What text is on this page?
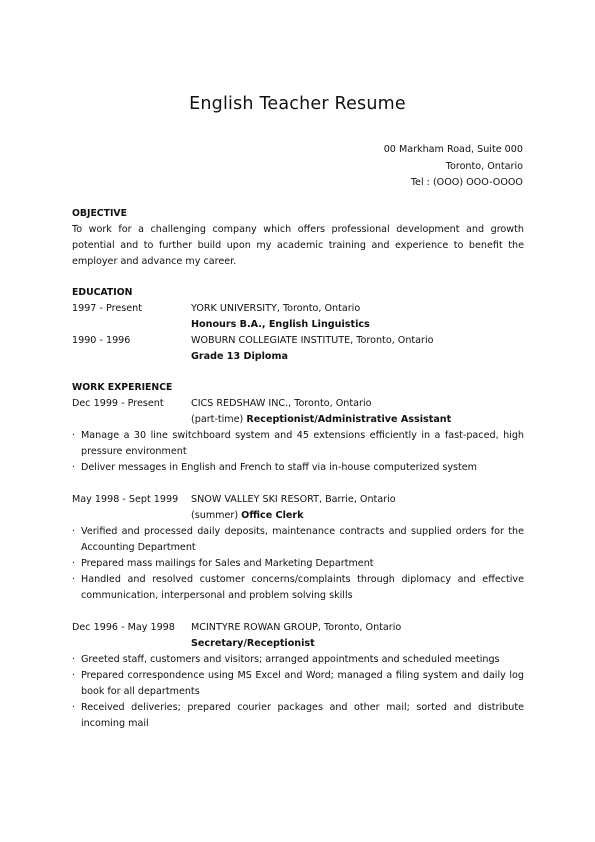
English Teacher Resume
00 Markham Road, Suite 000
Toronto, Ontario
Tel : (OOO) OOO-OOOO
OBJECTIVE

To work for a challenging company which offers professional development and growth potential and to further build upon my academic training and experience to benefit the employer and advance my career.

EDUCATION
1997 - Present	YORK UNIVERSITY, Toronto, Ontario
Honours B.A., English Linguistics
1990 - 1996	WOBURN COLLEGIATE INSTITUTE, Toronto, Ontario
Grade 13 Diploma
WORK EXPERIENCE
Dec 1999 - Present	CICS REDSHAW INC., Toronto, Ontario
(part-time) Receptionist/Administrative Assistant
· Manage a 30 line switchboard system and 45 extensions efficiently in a fast-paced, high pressure environment
· Deliver messages in English and French to staff via in-house computerized system
May 1998 - Sept 1999	SNOW VALLEY SKI RESORT, Barrie, Ontario
(summer) Office Clerk
· Verified and processed daily deposits, maintenance contracts and supplied orders for the Accounting Department
· Prepared mass mailings for Sales and Marketing Department
· Handled and resolved customer concerns/complaints through diplomacy and effective communication, interpersonal and problem solving skills
Dec 1996 - May 1998	MCINTYRE ROWAN GROUP, Toronto, Ontario
Secretary/Receptionist
· Greeted staff, customers and visitors; arranged appointments and scheduled meetings
· Prepared correspondence using MS Excel and Word; managed a filing system and daily log book for all departments
· Received deliveries; prepared courier packages and other mail; sorted and distribute incoming mail
